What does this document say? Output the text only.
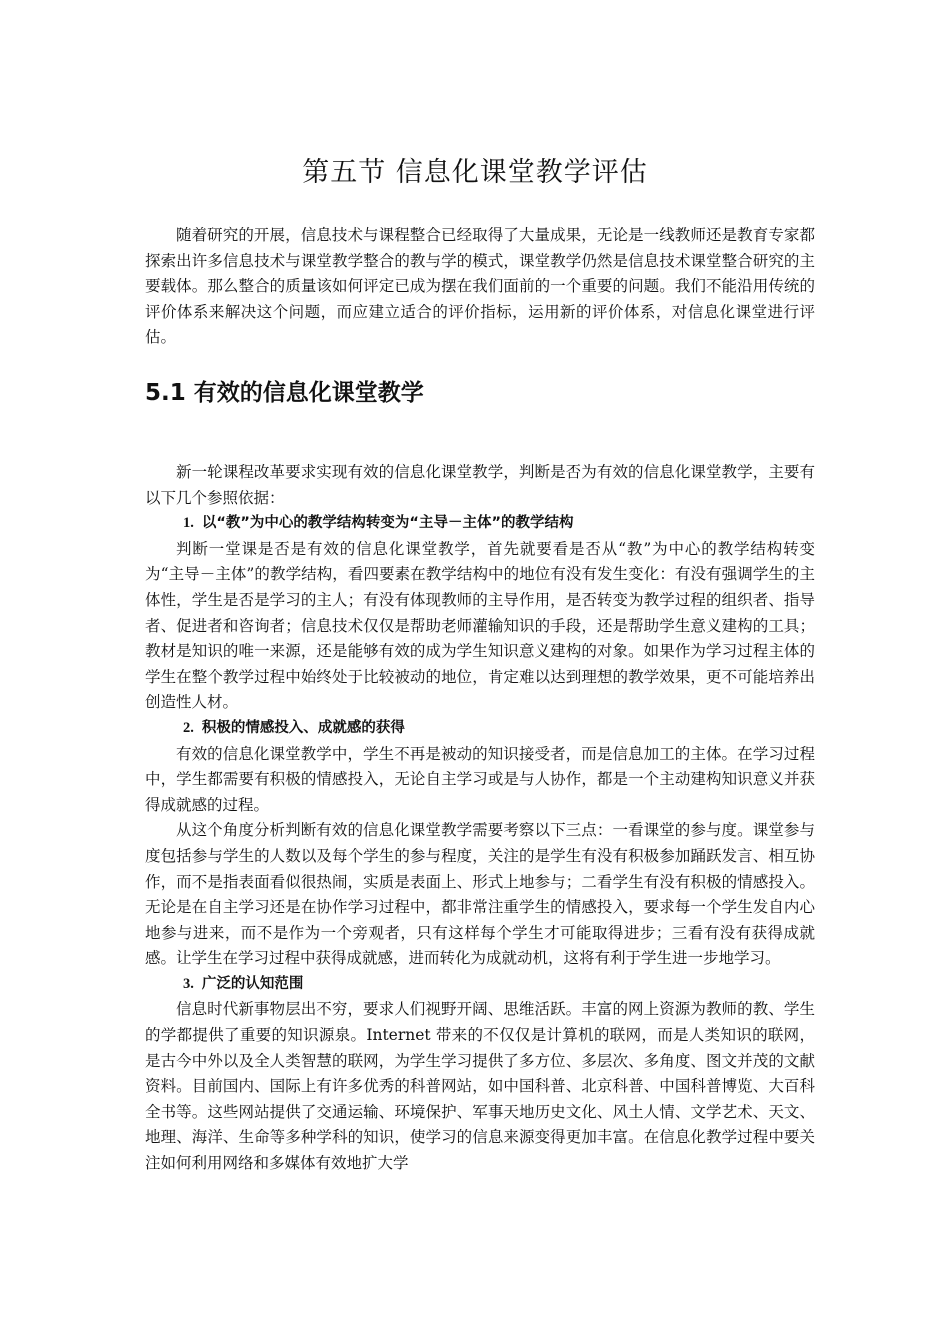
第五节 信息化课堂教学评估

随着研究的开展，信息技术与课程整合已经取得了大量成果，无论是一线教师还是教育专家都探索出许多信息技术与课堂教学整合的教与学的模式，课堂教学仍然是信息技术课堂整合研究的主要载体。那么整合的质量该如何评定已成为摆在我们面前的一个重要的问题。我们不能沿用传统的评价体系来解决这个问题，而应建立适合的评价指标，运用新的评价体系，对信息化课堂进行评估。

5.1 有效的信息化课堂教学

新一轮课程改革要求实现有效的信息化课堂教学，判断是否为有效的信息化课堂教学，主要有以下几个参照依据：

1. 以“教”为中心的教学结构转变为“主导－主体”的教学结构

判断一堂课是否是有效的信息化课堂教学，首先就要看是否从“教”为中心的教学结构转变为“主导－主体”的教学结构，看四要素在教学结构中的地位有没有发生变化：有没有强调学生的主体性，学生是否是学习的主人；有没有体现教师的主导作用，是否转变为教学过程的组织者、指导者、促进者和咨询者；信息技术仅仅是帮助老师灌输知识的手段，还是帮助学生意义建构的工具；教材是知识的唯一来源，还是能够有效的成为学生知识意义建构的对象。如果作为学习过程主体的学生在整个教学过程中始终处于比较被动的地位，肯定难以达到理想的教学效果，更不可能培养出创造性人材。

2. 积极的情感投入、成就感的获得

有效的信息化课堂教学中，学生不再是被动的知识接受者，而是信息加工的主体。在学习过程中，学生都需要有积极的情感投入，无论自主学习或是与人协作，都是一个主动建构知识意义并获得成就感的过程。

从这个角度分析判断有效的信息化课堂教学需要考察以下三点：一看课堂的参与度。课堂参与度包括参与学生的人数以及每个学生的参与程度，关注的是学生有没有积极参加踊跃发言、相互协作，而不是指表面看似很热闹，实质是表面上、形式上地参与；二看学生有没有积极的情感投入。无论是在自主学习还是在协作学习过程中，都非常注重学生的情感投入，要求每一个学生发自内心地参与进来，而不是作为一个旁观者，只有这样每个学生才可能取得进步；三看有没有获得成就感。让学生在学习过程中获得成就感，进而转化为成就动机，这将有利于学生进一步地学习。

3. 广泛的认知范围

信息时代新事物层出不穷，要求人们视野开阔、思维活跃。丰富的网上资源为教师的教、学生的学都提供了重要的知识源泉。Internet 带来的不仅仅是计算机的联网，而是人类知识的联网，是古今中外以及全人类智慧的联网，为学生学习提供了多方位、多层次、多角度、图文并茂的文献资料。目前国内、国际上有许多优秀的科普网站，如中国科普、北京科普、中国科普博览、大百科全书等。这些网站提供了交通运输、环境保护、军事天地历史文化、风土人情、文学艺术、天文、地理、海洋、生命等多种学科的知识，使学习的信息来源变得更加丰富。在信息化教学过程中要关注如何利用网络和多媒体有效地扩大学
